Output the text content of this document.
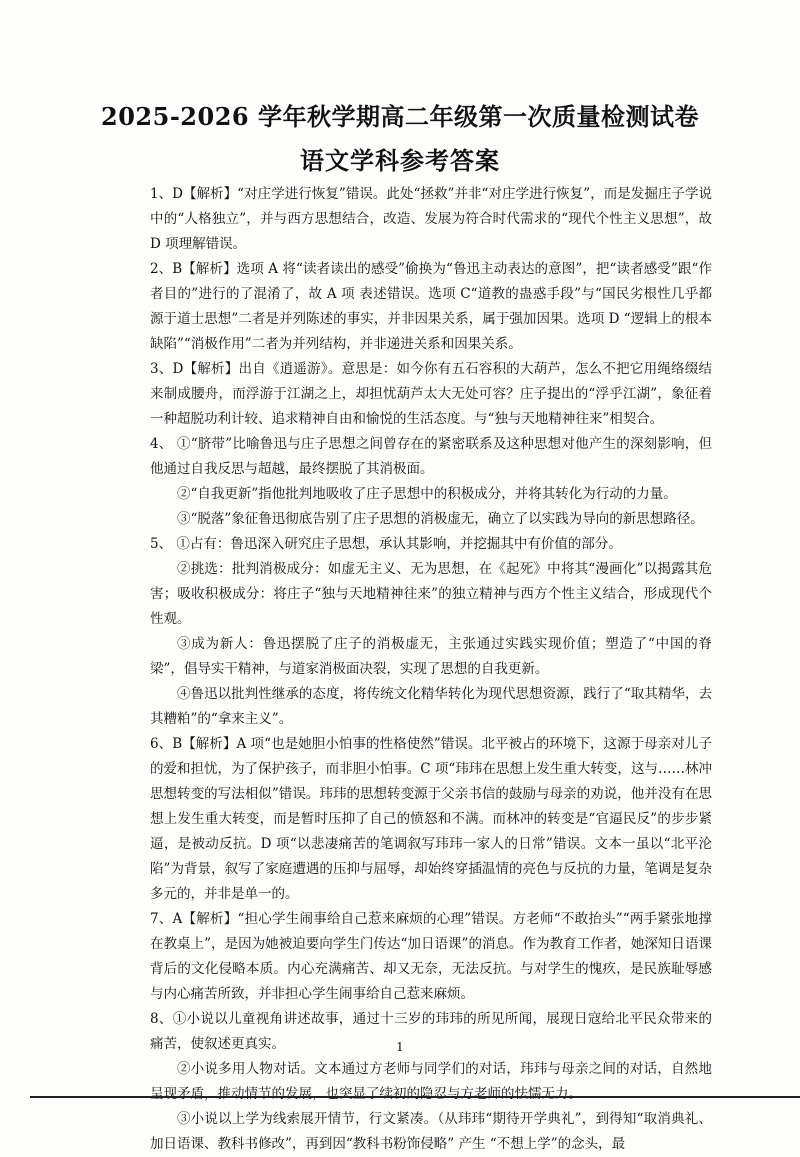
2025-2026 学年秋学期高二年级第一次质量检测试卷
语文学科参考答案

1、D【解析】“对庄学进行恢复”错误。此处“拯救”并非“对庄学进行恢复”，而是发掘庄子学说中的“人格独立”，并与西方思想结合，改造、发展为符合时代需求的“现代个性主义思想”，故 D 项理解错误。

2、B【解析】选项 A 将“读者读出的感受”偷换为“鲁迅主动表达的意图”，把“读者感受”跟“作者目的”进行的了混淆了，故 A 项 表述错误。选项 C“道教的蛊惑手段”与“国民劣根性几乎都源于道士思想”二者是并列陈述的事实，并非因果关系，属于强加因果。选项 D “逻辑上的根本缺陷”“消极作用”二者为并列结构，并非递进关系和因果关系。

3、D【解析】出自《逍遥游》。意思是：如今你有五石容积的大葫芦，怎么不把它用绳络缀结来制成腰舟，而浮游于江湖之上，却担忧葫芦太大无处可容？庄子提出的“浮乎江湖”，象征着一种超脱功利计较、追求精神自由和愉悦的生活态度。与“独与天地精神往来”相契合。

4、 ①“脐带”比喻鲁迅与庄子思想之间曾存在的紧密联系及这种思想对他产生的深刻影响，但他通过自我反思与超越，最终摆脱了其消极面。

②“自我更新”指他批判地吸收了庄子思想中的积极成分，并将其转化为行动的力量。

③“脱落”象征鲁迅彻底告别了庄子思想的消极虚无，确立了以实践为导向的新思想路径。

5、 ①占有：鲁迅深入研究庄子思想，承认其影响，并挖掘其中有价值的部分。

②挑选：批判消极成分：如虚无主义、无为思想，在《起死》中将其“漫画化”以揭露其危害；吸收积极成分：将庄子“独与天地精神往来”的独立精神与西方个性主义结合，形成现代个性观。

③成为新人：鲁迅摆脱了庄子的消极虚无，主张通过实践实现价值；塑造了“中国的脊梁”，倡导实干精神，与道家消极面决裂，实现了思想的自我更新。

④鲁迅以批判性继承的态度，将传统文化精华转化为现代思想资源，践行了“取其精华，去其糟粕”的“拿来主义”。

6、B【解析】A 项“也是她胆小怕事的性格使然”错误。北平被占的环境下，这源于母亲对儿子的爱和担忧，为了保护孩子，而非胆小怕事。C 项“玮玮在思想上发生重大转变，这与……林冲思想转变的写法相似”错误。玮玮的思想转变源于父亲书信的鼓励与母亲的劝说，他并没有在思想上发生重大转变，而是暂时压抑了自己的愤怒和不满。而林冲的转变是“官逼民反”的步步紧逼，是被动反抗。D 项“以悲凄痛苦的笔调叙写玮玮一家人的日常”错误。文本一虽以“北平沦陷”为背景，叙写了家庭遭遇的压抑与屈辱，却始终穿插温情的亮色与反抗的力量，笔调是复杂多元的，并非是单一的。

7、A【解析】“担心学生闹事给自己惹来麻烦的心理”错误。方老师“不敢抬头”“两手紧张地撑在教桌上”，是因为她被迫要向学生门传达“加日语课”的消息。作为教育工作者，她深知日语课背后的文化侵略本质。内心充满痛苦、却又无奈，无法反抗。与对学生的愧疚，是民族耻辱感与内心痛苦所致，并非担心学生闹事给自己惹来麻烦。

8、①小说以儿童视角讲述故事，通过十三岁的玮玮的所见所闻，展现日寇给北平民众带来的痛苦，使叙述更真实。

②小说多用人物对话。文本通过方老师与同学们的对话，玮玮与母亲之间的对话，自然地呈现矛盾，推动情节的发展，也突显了续初的隐忍与方老师的怯懦无力。

③小说以上学为线索展开情节，行文紧凑。（从玮玮“期待开学典礼”，到得知“取消典礼、加日语课、教科书修改”，再到因“教科书粉饰侵略” 产生 “不想上学”的念头，最

1
